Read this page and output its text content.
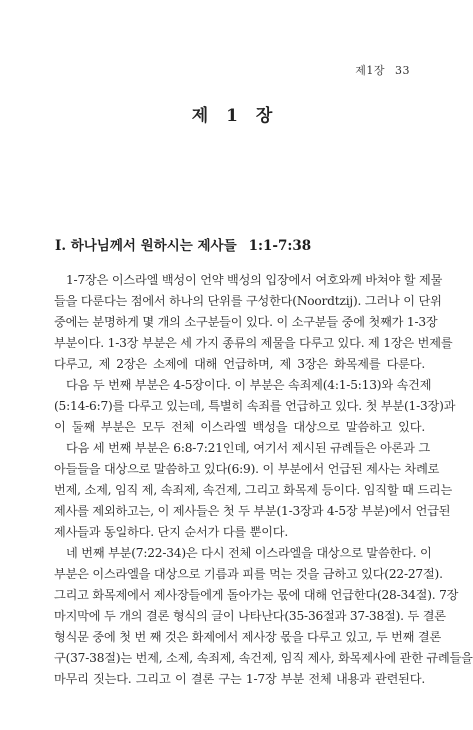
제1장 33
제 1 장
I. 하나님께서 원하시는 제사들 1:1-7:38
1-7장은 이스라엘 백성이 언약 백성의 입장에서 여호와께 바쳐야 할 제물
들을 다룬다는 점에서 하나의 단위를 구성한다(Noordtzij). 그러나 이 단위
중에는 분명하게 몇 개의 소구분들이 있다. 이 소구분들 중에 첫째가 1-3장
부분이다. 1-3장 부분은 세 가지 종류의 제물을 다루고 있다. 제 1장은 번제를
다루고, 제 2장은 소제에 대해 언급하며, 제 3장은 화목제를 다룬다.
다음 두 번째 부분은 4-5장이다. 이 부분은 속죄제(4:1-5:13)와 속건제
(5:14-6:7)를 다루고 있는데, 특별히 속죄를 언급하고 있다. 첫 부분(1-3장)과
이 둘째 부분은 모두 전체 이스라엘 백성을 대상으로 말씀하고 있다.
다음 세 번째 부분은 6:8-7:21인데, 여기서 제시된 규례들은 아론과 그
아들들을 대상으로 말씀하고 있다(6:9). 이 부분에서 언급된 제사는 차례로
번제, 소제, 임직 제, 속죄제, 속건제, 그리고 화목제 등이다. 임직할 때 드리는
제사를 제외하고는, 이 제사들은 첫 두 부분(1-3장과 4-5장 부분)에서 언급된
제사들과 동일하다. 단지 순서가 다를 뿐이다.
네 번째 부분(7:22-34)은 다시 전체 이스라엘을 대상으로 말씀한다. 이
부분은 이스라엘을 대상으로 기름과 피를 먹는 것을 금하고 있다(22-27절).
그리고 화목제에서 제사장들에게 돌아가는 몫에 대해 언급한다(28-34절). 7장
마지막에 두 개의 결론 형식의 글이 나타난다(35-36절과 37-38절). 두 결론
형식문 중에 첫 번 째 것은 화제에서 제사장 몫을 다루고 있고, 두 번째 결론
구(37-38절)는 번제, 소제, 속죄제, 속건제, 임직 제사, 화목제사에 관한 규례들을
마무리 짓는다. 그리고 이 결론 구는 1-7장 부분 전체 내용과 관련된다.
